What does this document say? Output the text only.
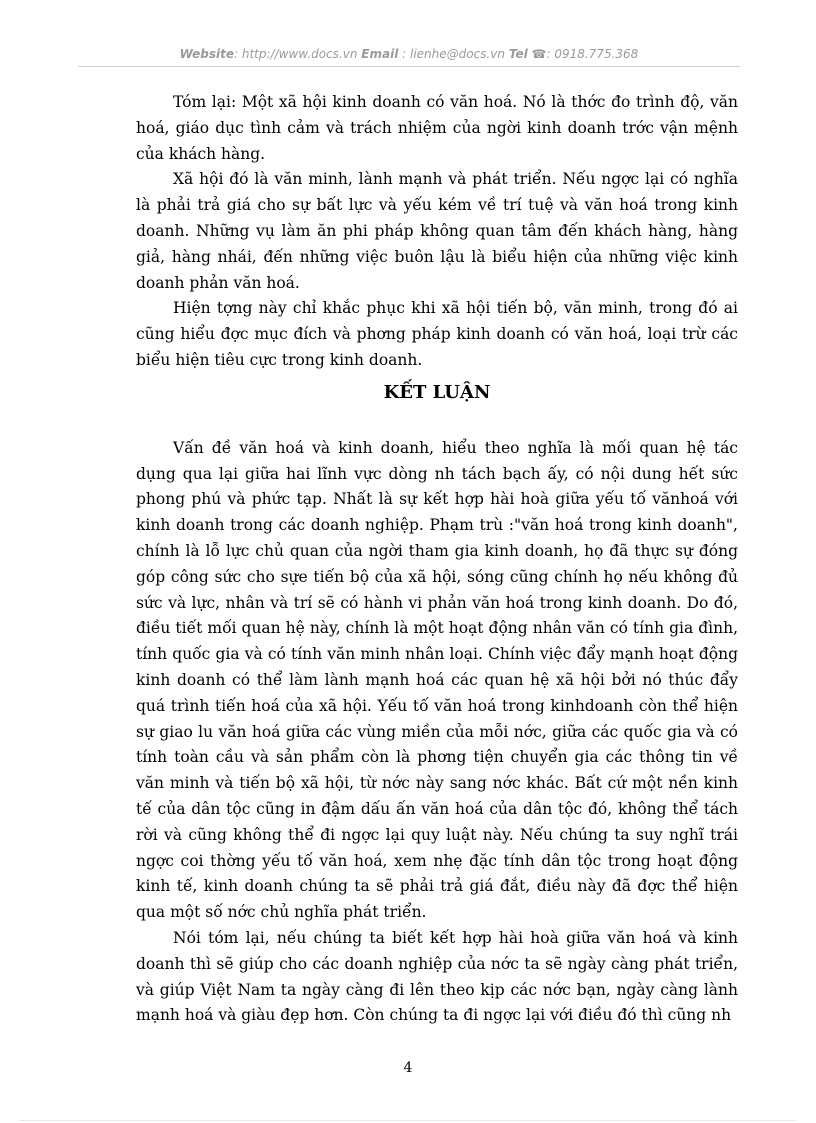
Website: http://www.docs.vn Email : lienhe@docs.vn Tel ☎: 0918.775.368

Tóm lại: Một xã hội kinh doanh có văn hoá. Nó là thớc đo trình độ, văn hoá, giáo dục tình cảm và trách nhiệm của ngời kinh doanh trớc vận mệnh của khách hàng.

Xã hội đó là văn minh, lành mạnh và phát triển. Nếu ngợc lại có nghĩa là phải trả giá cho sự bất lực và yếu kém về trí tuệ và văn hoá trong kinh doanh. Những vụ làm ăn phi pháp không quan tâm đến khách hàng, hàng giả, hàng nhái, đến những việc buôn lậu là biểu hiện của những việc kinh doanh phản văn hoá.

Hiện tợng này chỉ khắc phục khi xã hội tiến bộ, văn minh, trong đó ai cũng hiểu đợc mục đích và phơng pháp kinh doanh có văn hoá, loại trừ các biểu hiện tiêu cực trong kinh doanh.

KẾT LUẬN

Vấn đề văn hoá và kinh doanh, hiểu theo nghĩa là mối quan hệ tác dụng qua lại giữa hai lĩnh vực dòng nh tách bạch ấy, có nội dung hết sức phong phú và phức tạp. Nhất là sự kết hợp hài hoà giữa yếu tố vănhoá với kinh doanh trong các doanh nghiệp. Phạm trù :"văn hoá trong kinh doanh", chính là lỗ lực chủ quan của ngời tham gia kinh doanh, họ đã thực sự đóng góp công sức cho sựe tiến bộ của xã hội, sóng cũng chính họ nếu không đủ sức và lực, nhân và trí sẽ có hành vi phản văn hoá trong kinh doanh. Do đó, điều tiết mối quan hệ này, chính là một hoạt động nhân văn có tính gia đình, tính quốc gia và có tính văn minh nhân loại. Chính việc đẩy mạnh hoạt động kinh doanh có thể làm lành mạnh hoá các quan hệ xã hội bởi nó thúc đẩy quá trình tiến hoá của xã hội. Yếu tố văn hoá trong kinhdoanh còn thể hiện sự giao lu văn hoá giữa các vùng miền của mỗi nớc, giữa các quốc gia và có tính toàn cầu và sản phẩm còn là phơng tiện chuyển gia các thông tin về văn minh và tiến bộ xã hội, từ nớc này sang nớc khác. Bất cứ một nền kinh tế của dân tộc cũng in đậm dấu ấn văn hoá của dân tộc đó, không thể tách rời và cũng không thể đi ngợc lại quy luật này. Nếu chúng ta suy nghĩ trái ngợc coi thờng yếu tố văn hoá, xem nhẹ đặc tính dân tộc trong hoạt động kinh tế, kinh doanh chúng ta sẽ phải trả giá đắt, điều này đã đợc thể hiện qua một số nớc chủ nghĩa phát triển.

Nói tóm lại, nếu chúng ta biết kết hợp hài hoà giữa văn hoá và kinh doanh thì sẽ giúp cho các doanh nghiệp của nớc ta sẽ ngày càng phát triển, và giúp Việt Nam ta ngày càng đi lên theo kịp các nớc bạn, ngày càng lành mạnh hoá và giàu đẹp hơn. Còn chúng ta đi ngợc lại với điều đó thì cũng nh

4
